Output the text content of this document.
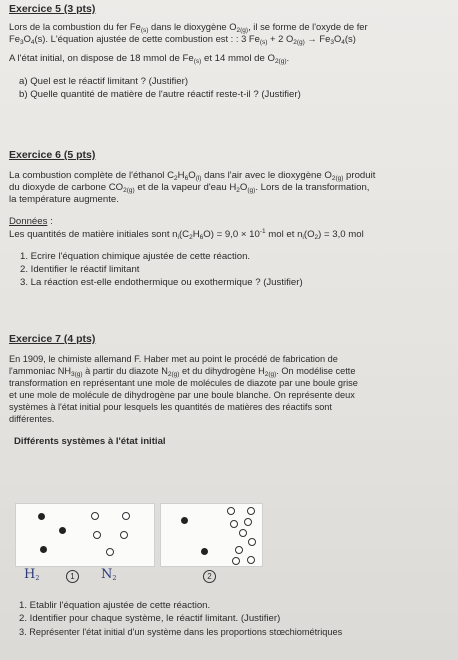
Exercice 5 (3 pts)
Lors de la combustion du fer $Fe_{(s)}$ dans le dioxygène $O_{2(g)}$, il se forme de l'oxyde de fer
$Fe_3O_4(s)$. L'équation ajustée de cette combustion est : : 3 $Fe_{(s)} + 2$ $O_{2(g)} \to Fe_3O_4(s)$
A l'état initial, on dispose de 18 mmol de $Fe_{(s)}$ et 14 mmol de $O_{2(g)}$.
a) Quel est le réactif limitant ? (Justifier)
b) Quelle quantité de matière de l'autre réactif reste-t-il ? (Justifier)
Exercice 6 (5 pts)
La combustion complète de l'éthanol $C_2H_6O_{(l)}$ dans l'air avec le dioxygène $O_{2(g)}$ produit
du dioxyde de carbone $CO_{2(g)}$ et de la vapeur d'eau $H_2O_{(g)}$. Lors de la transformation,
la température augmente.
Données :
Les quantités de matière initiales sont $n_i(C_2H_6O) = 9,0 \times 10^{-1}$ mol et $n_i(O_2) = 3,0$ mol
1. Ecrire l'équation chimique ajustée de cette réaction.
2. Identifier le réactif limitant
3. La réaction est-elle endothermique ou exothermique ? (Justifier)
Exercice 7 (4 pts)
En 1909, le chimiste allemand F. Haber met au point le procédé de fabrication de
l'ammoniac $NH_{3(g)}$ à partir du diazote $N_{2(g)}$ et du dihydrogène $H_{2(g)}$. On modélise cette
transformation en représentant une mole de molécules de diazote par une boule grise
et une mole de molécule de dihydrogène par une boule blanche. On représente deux
systèmes à l'état initial pour lesquels les quantités de matières des réactifs sont
différentes.
Différents systèmes à l'état initial
$H_2$	$N_2$
1	2
1. Etablir l'équation ajustée de cette réaction.
2. Identifier pour chaque système, le réactif limitant. (Justifier)
3. Représenter l'état initial d'un système dans les proportions stœchiométriques
